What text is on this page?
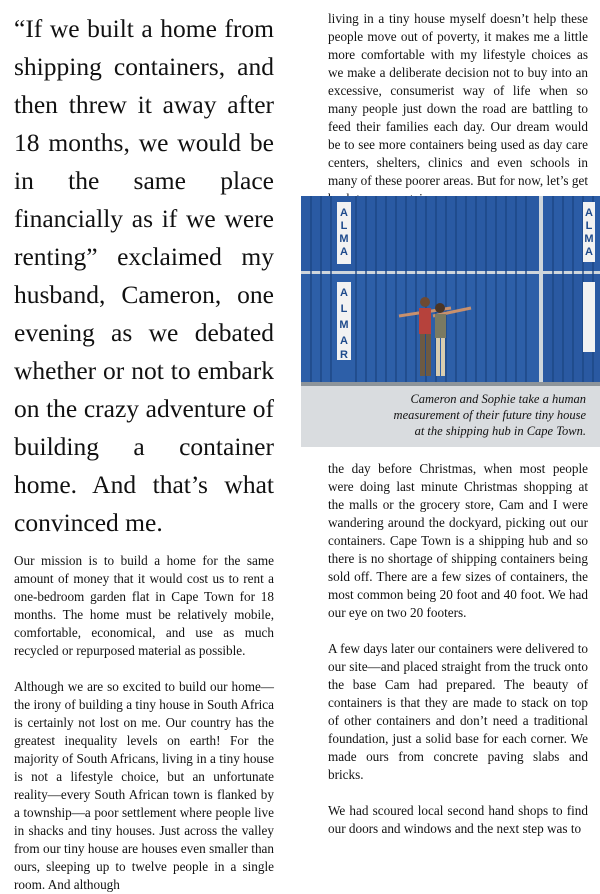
“If we built a home from shipping containers, and then threw it away after 18 months, we would be in the same place financially as if we were renting” exclaimed my husband, Cameron, one evening as we debated whether or not to embark on the crazy adventure of building a container home. And that’s what convinced me.

Our mission is to build a home for the same amount of money that it would cost us to rent a one-bedroom garden flat in Cape Town for 18 months. The home must be relatively mobile, comfortable, economical, and use as much recycled or repurposed material as possible.

Although we are so excited to build our home—the irony of building a tiny house in South Africa is certainly not lost on me. Our country has the greatest inequality levels on earth! For the majority of South Africans, living in a tiny house is not a lifestyle choice, but an unfortunate reality—every South African town is flanked by a township—a poor settlement where people live in shacks and tiny houses. Just across the valley from our tiny house are houses even smaller than ours, sleeping up to twelve people in a single room. And although

living in a tiny house myself doesn’t help these people move out of poverty, it makes me a little more comfortable with my lifestyle choices as we make a deliberate decision not to buy into an excessive, consumerist way of life when so many people just down the road are battling to feed their families each day. Our dream would be to see more containers being used as day care centers, shelters, clinics and even schools in many of these poorer areas. But for now, let’s get

A
L
M
A
A
L
M
A
R
A
L
M
A
Cameron and Sophie take a human measurement of their future tiny house at the shipping hub in Cape Town.

the day before Christmas, when most people were doing last minute Christmas shopping at the malls or the grocery store, Cam and I were wandering around the dockyard, picking out our containers. Cape Town is a shipping hub and so there is no shortage of shipping containers being sold off. There are a few sizes of containers, the most common being 20 foot and 40 foot. We had our eye on two 20 footers.

A few days later our containers were delivered to our site—and placed straight from the truck onto the base Cam had prepared. The beauty of containers is that they are made to stack on top of other containers and don’t need a traditional foundation, just a solid base for each corner. We made ours from concrete paving slabs and bricks.

We had scoured local second hand shops to find our doors and windows and the next step was to
